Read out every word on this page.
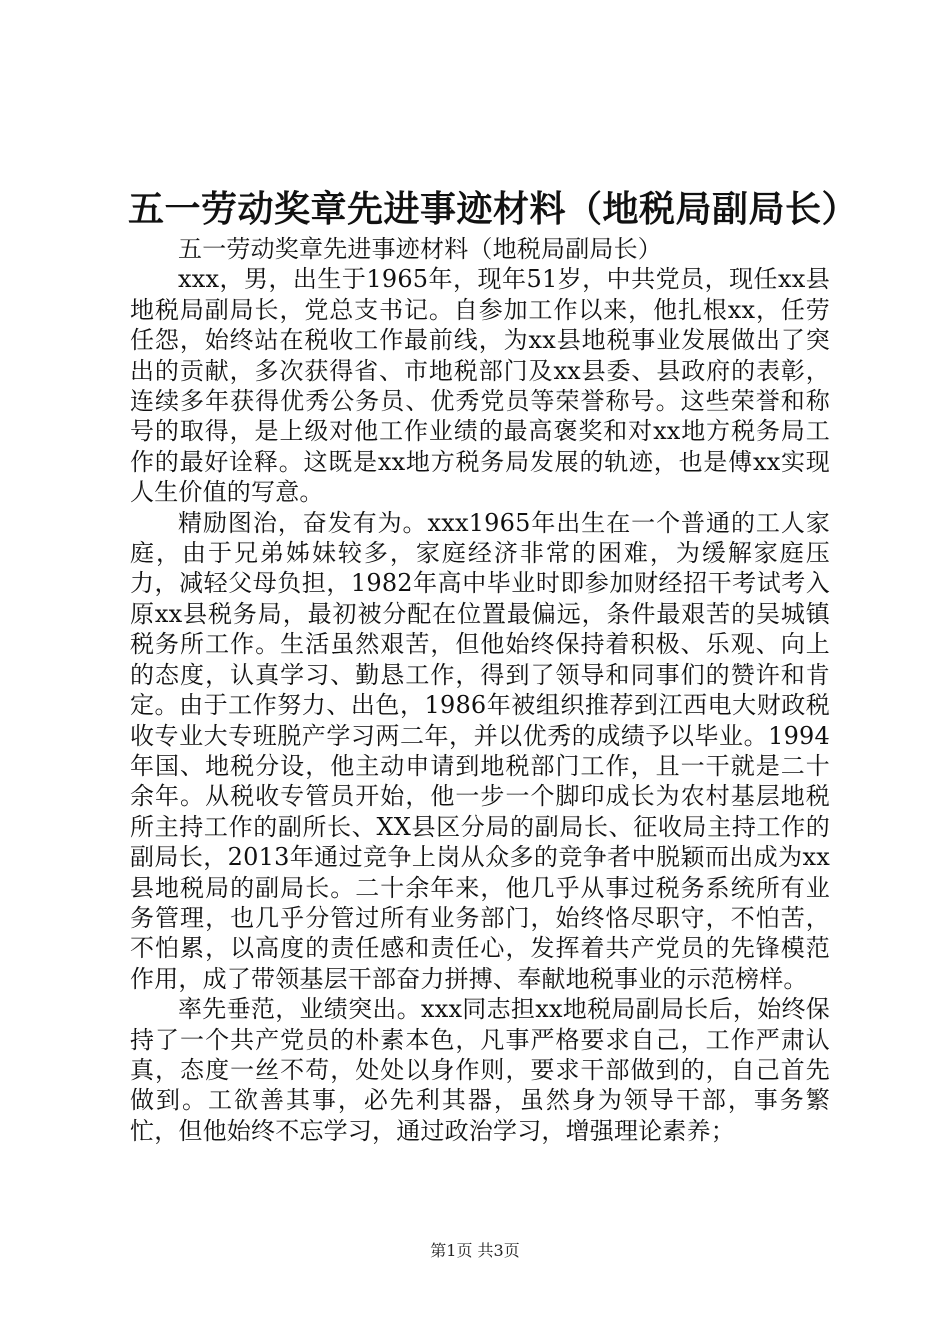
五一劳动奖章先进事迹材料（地税局副局长）

五一劳动奖章先进事迹材料（地税局副局长）

xxx，男，出生于1965年，现年51岁，中共党员，现任xx县地税局副局长，党总支书记。自参加工作以来，他扎根xx，任劳任怨，始终站在税收工作最前线，为xx县地税事业发展做出了突出的贡献，多次获得省、市地税部门及xx县委、县政府的表彰，连续多年获得优秀公务员、优秀党员等荣誉称号。这些荣誉和称号的取得，是上级对他工作业绩的最高褒奖和对xx地方税务局工作的最好诠释。这既是xx地方税务局发展的轨迹，也是傅xx实现人生价值的写意。

精励图治，奋发有为。xxx1965年出生在一个普通的工人家庭，由于兄弟姊妹较多，家庭经济非常的困难，为缓解家庭压力，减轻父母负担，1982年高中毕业时即参加财经招干考试考入原xx县税务局，最初被分配在位置最偏远，条件最艰苦的吴城镇税务所工作。生活虽然艰苦，但他始终保持着积极、乐观、向上的态度，认真学习、勤恳工作，得到了领导和同事们的赞许和肯定。由于工作努力、出色，1986年被组织推荐到江西电大财政税收专业大专班脱产学习两二年，并以优秀的成绩予以毕业。1994年国、地税分设，他主动申请到地税部门工作，且一干就是二十余年。从税收专管员开始，他一步一个脚印成长为农村基层地税所主持工作的副所长、XX县区分局的副局长、征收局主持工作的副局长，2013年通过竞争上岗从众多的竞争者中脱颖而出成为xx县地税局的副局长。二十余年来，他几乎从事过税务系统所有业务管理，也几乎分管过所有业务部门，始终恪尽职守，不怕苦，不怕累，以高度的责任感和责任心，发挥着共产党员的先锋模范作用，成了带领基层干部奋力拼搏、奉献地税事业的示范榜样。

率先垂范，业绩突出。xxx同志担xx地税局副局长后，始终保持了一个共产党员的朴素本色，凡事严格要求自己，工作严肃认真，态度一丝不苟，处处以身作则，要求干部做到的，自己首先做到。工欲善其事，必先利其器，虽然身为领导干部，事务繁忙，但他始终不忘学习，通过政治学习，增强理论素养；

第1页 共3页
